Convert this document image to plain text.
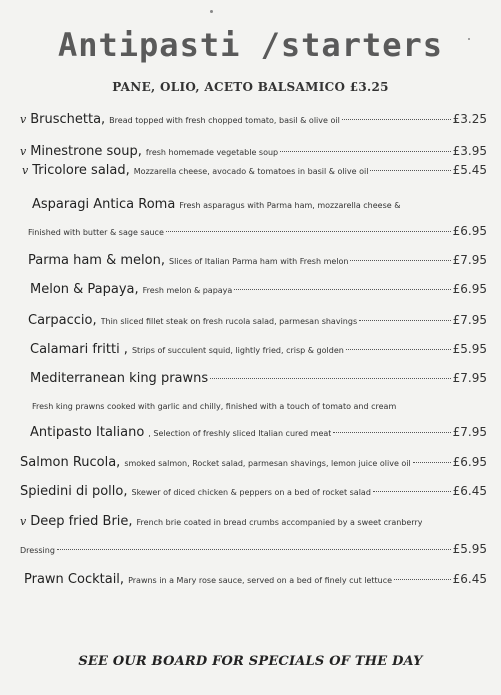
Antipasti /starters
PANE, OLIO, ACETO BALSAMICO £3.25
v Bruschetta, Bread topped with fresh chopped tomato, basil & olive oil	£3.25
v Minestrone soup, fresh homemade vegetable soup	£3.95
v Tricolore salad, Mozzarella cheese, avocado & tomatoes in basil & olive oil	£5.45
Asparagi Antica Roma Fresh asparagus with Parma ham, mozzarella cheese &
Finished with butter & sage sauce	£6.95
Parma ham & melon, Slices of Italian Parma ham with Fresh melon	£7.95
Melon & Papaya, Fresh melon & papaya	£6.95
Carpaccio, Thin sliced fillet steak on fresh rucola salad, parmesan shavings	£7.95
Calamari fritti , Strips of succulent squid, lightly fried, crisp & golden	£5.95
Mediterranean king prawns	£7.95
Fresh king prawns cooked with garlic and chilly, finished with a touch of tomato and cream
Antipasto Italiano , Selection of freshly sliced Italian cured meat	£7.95
Salmon Rucola, smoked salmon, Rocket salad, parmesan shavings, lemon juice olive oil	£6.95
Spiedini di pollo, Skewer of diced chicken & peppers on a bed of rocket salad	£6.45
v Deep fried Brie, French brie coated in bread crumbs accompanied by a sweet cranberry
Dressing	£5.95
Prawn Cocktail, Prawns in a Mary rose sauce, served on a bed of finely cut lettuce	£6.45
SEE OUR BOARD FOR SPECIALS OF THE DAY
